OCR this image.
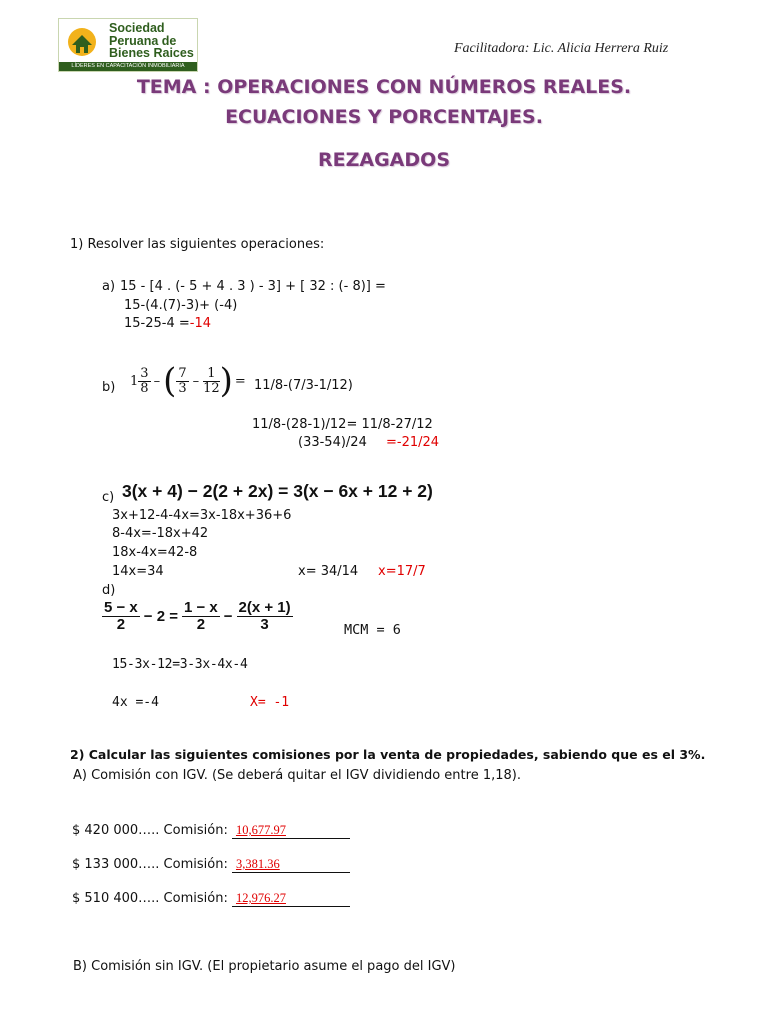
Sociedad
Peruana de
Bienes Raices
LÍDERES EN CAPACITACIÓN INMOBILIARIA
Facilitadora: Lic. Alicia Herrera Ruiz
TEMA : OPERACIONES CON NÚMEROS REALES.
ECUACIONES Y PORCENTAJES.
REZAGADOS
1) Resolver las siguientes operaciones:
a) 15 - [4 . (- 5 + 4 . 3 ) - 3] + [ 32 : (- 8)] =
15-(4.(7)-3)+ (-4)
15-25-4 =-14
b) $1 \frac{3}{8}$ –( $\frac{7}{3} - \frac{1}{12}$ ) = 11/8-(7/3-1/12)
11/8-(28-1)/12= 11/8-27/12
(33-54)/24 =-21/24
c) 3(x + 4) − 2(2 + 2x) = 3(x − 6x + 12 + 2)
3x+12-4-4x=3x-18x+36+6
8-4x=-18x+42
18x-4x=42-8
14x=34	x= 34/14 x=17/7
d)
$\frac{5 - x}{2} - 2 = \frac{1 - x}{2} - \frac{2(x + 1)}{3}$	MCM = 6
15-3x-12=3-3x-4x-4
4x =-4	X= -1
2) Calcular las siguientes comisiones por la venta de propiedades, sabiendo que es el 3%.
A) Comisión con IGV. (Se deberá quitar el IGV dividiendo entre 1,18).
$ 420 000….. Comisión: 10,677.97
$ 133 000….. Comisión: 3,381.36
$ 510 400….. Comisión: 12,976.27
B) Comisión sin IGV. (El propietario asume el pago del IGV)
